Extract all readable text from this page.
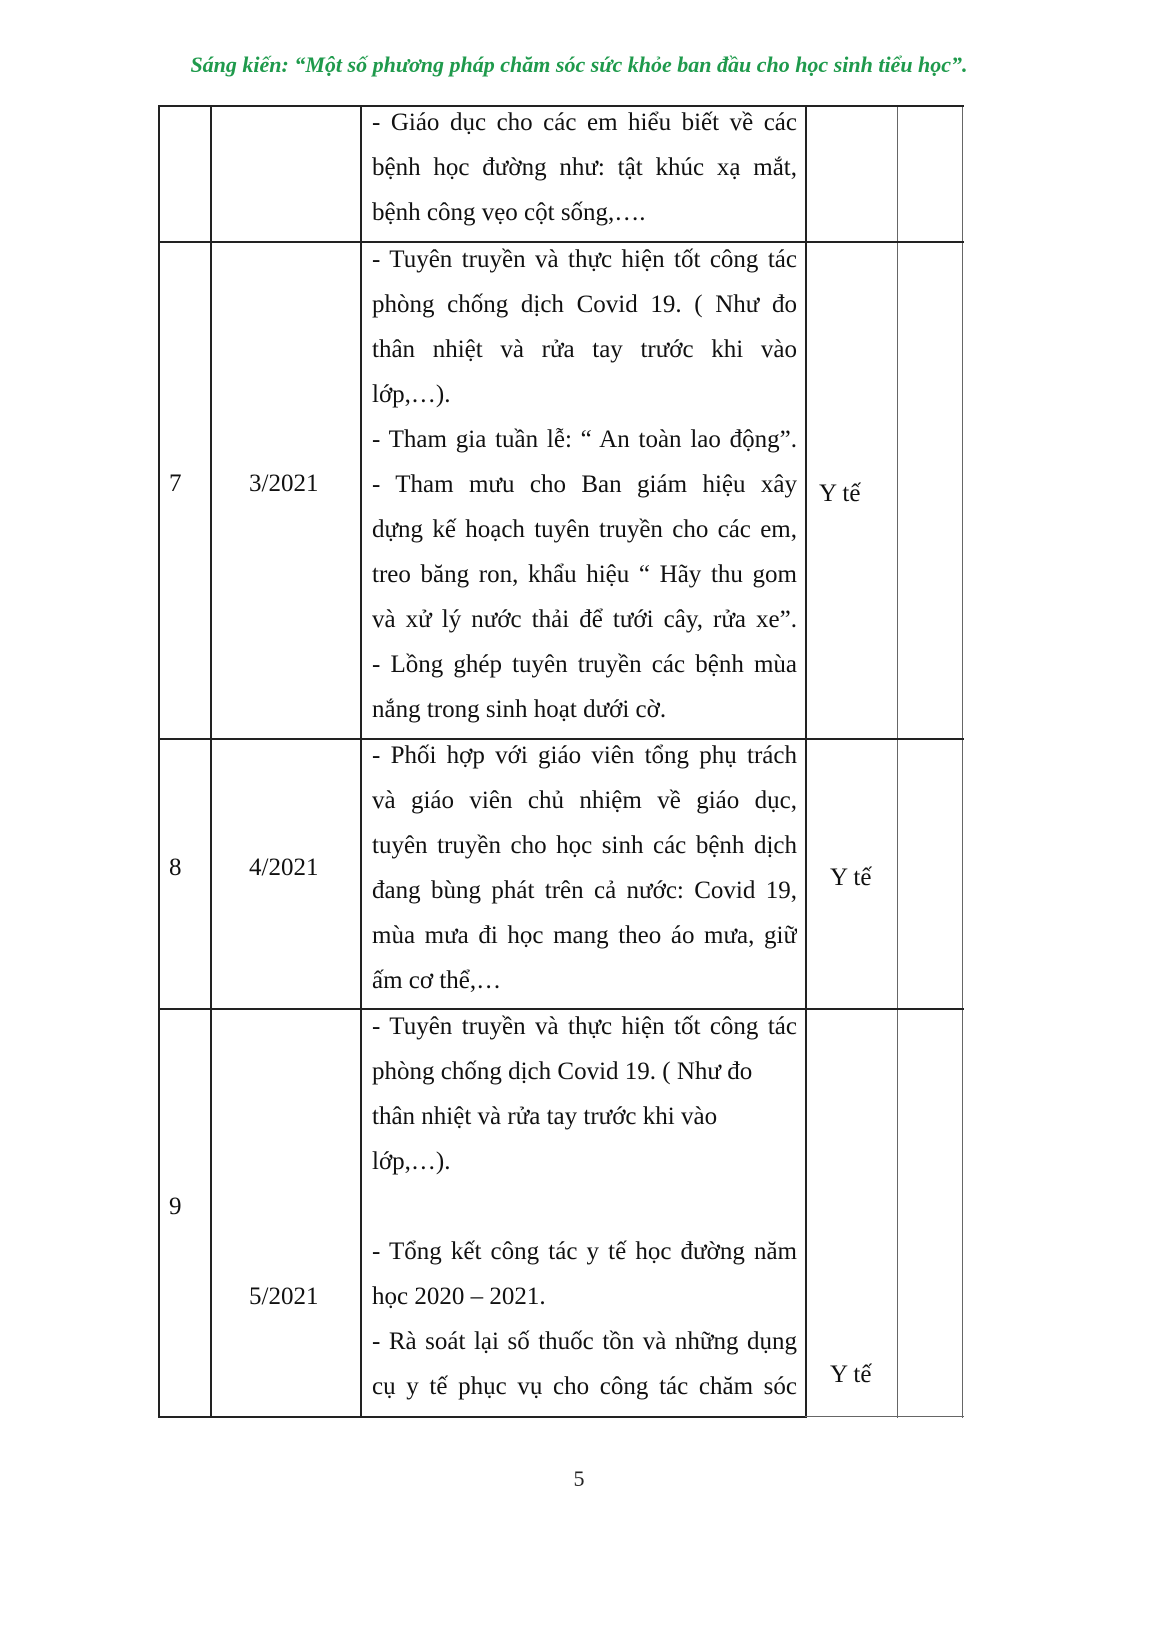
Sáng kiến: “Một số phương pháp chăm sóc sức khỏe ban đầu cho học sinh tiểu học”.
- Giáo dục cho các em hiểu biết về các
bệnh học đường như: tật khúc xạ mắt,
bệnh công vẹo cột sống,….
7	3/2021
- Tuyên truyền và thực hiện tốt công tác
phòng chống dịch Covid 19. ( Như đo
thân nhiệt và rửa tay trước khi vào
lớp,…).
- Tham gia tuần lễ: “ An toàn lao động”.
- Tham mưu cho Ban giám hiệu xây
dựng kế hoạch tuyên truyền cho các em,
treo băng ron, khẩu hiệu “ Hãy thu gom
và xử lý nước thải để tưới cây, rửa xe”.
- Lồng ghép tuyên truyền các bệnh mùa
nắng trong sinh hoạt dưới cờ.
Y tế
8	4/2021
- Phối hợp với giáo viên tổng phụ trách
và giáo viên chủ nhiệm về giáo dục,
tuyên truyền cho học sinh các bệnh dịch
đang bùng phát trên cả nước: Covid 19,
mùa mưa đi học mang theo áo mưa, giữ
ấm cơ thể,…
Y tế
9
5/2021
- Tuyên truyền và thực hiện tốt công tác
phòng chống dịch Covid 19. ( Như đo
thân nhiệt và rửa tay trước khi vào
lớp,…).
- Tổng kết công tác y tế học đường năm
học 2020 – 2021.
- Rà soát lại số thuốc tồn và những dụng
cụ y tế phục vụ cho công tác chăm sóc Y tế
5
